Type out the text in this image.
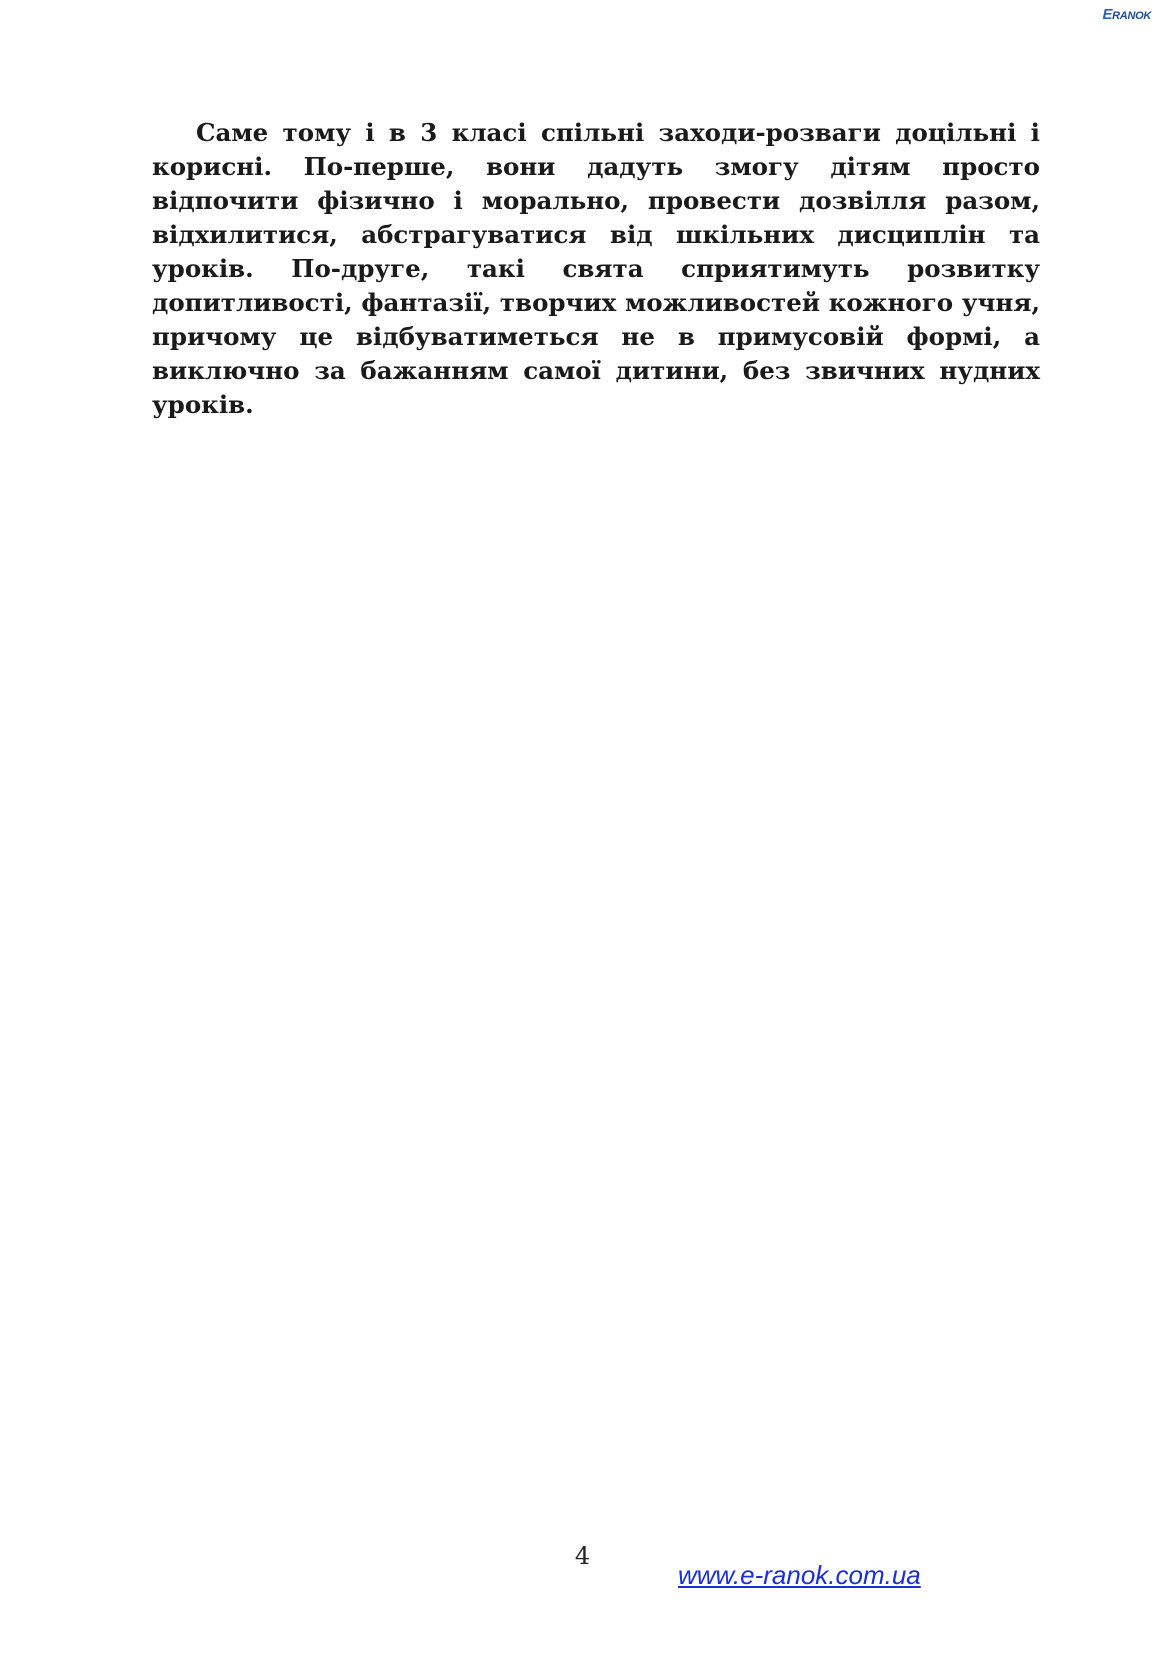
ERANOK

Саме тому і в 3 класі спільні заходи-розваги доцільні і корисні. По-перше, вони дадуть змогу дітям просто відпочити фізично і морально, провести дозвілля разом, відхилитися, абстрагуватися від шкільних дисциплін та уроків. По-друге, такі свята сприятимуть розвитку допитливості, фантазії, творчих можливостей кожного учня, причому це відбуватиметься не в примусовій формі, а виключно за бажанням самої дитини, без звичних нудних уроків.

4
www.e-ranok.com.ua
